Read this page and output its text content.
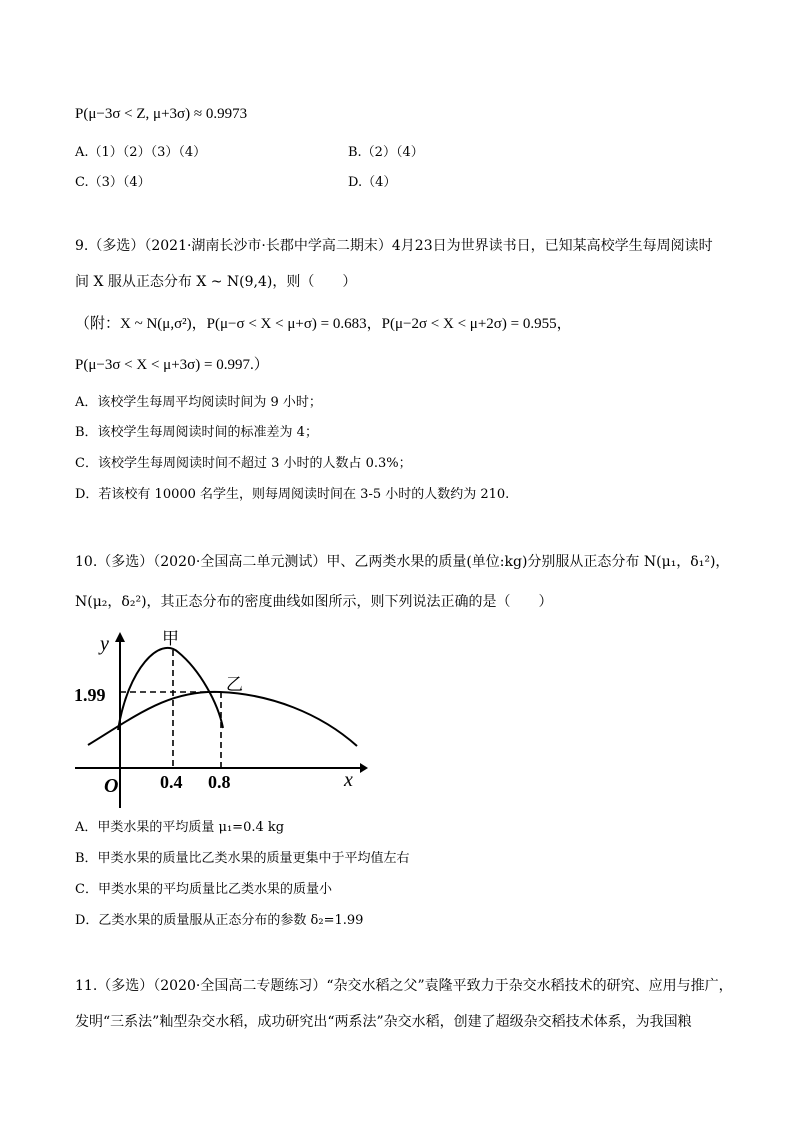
P(μ−3σ < Z, μ+3σ) ≈ 0.9973
A.（1）（2）（3）（4）	B.（2）（4）
C.（3）（4）	D.（4）
9.（多选）（2021·湖南长沙市·长郡中学高二期末）4月23日为世界读书日，已知某高校学生每周阅读时
间 X 服从正态分布 X ~ N(9,4)，则（　　）
（附：X ~ N(μ,σ²)，P(μ−σ < X < μ+σ) = 0.683，P(μ−2σ < X < μ+2σ) = 0.955，
P(μ−3σ < X < μ+3σ) = 0.997.）
A．该校学生每周平均阅读时间为 9 小时；
B．该校学生每周阅读时间的标准差为 4；
C．该校学生每周阅读时间不超过 3 小时的人数占 0.3%；
D．若该校有 10000 名学生，则每周阅读时间在 3-5 小时的人数约为 210.
10.（多选）（2020·全国高二单元测试）甲、乙两类水果的质量(单位:kg)分别服从正态分布 N(μ₁，δ₁²)，
N(μ₂，δ₂²)，其正态分布的密度曲线如图所示，则下列说法正确的是（　　）
y
x
O
甲
乙
1.99
0.4 0.8
A．甲类水果的平均质量 μ₁=0.4 kg
B．甲类水果的质量比乙类水果的质量更集中于平均值左右
C．甲类水果的平均质量比乙类水果的质量小
D．乙类水果的质量服从正态分布的参数 δ₂=1.99
11.（多选）（2020·全国高二专题练习）“杂交水稻之父”袁隆平致力于杂交水稻技术的研究、应用与推广，
发明“三系法”籼型杂交水稻，成功研究出“两系法”杂交水稻，创建了超级杂交稻技术体系，为我国粮
